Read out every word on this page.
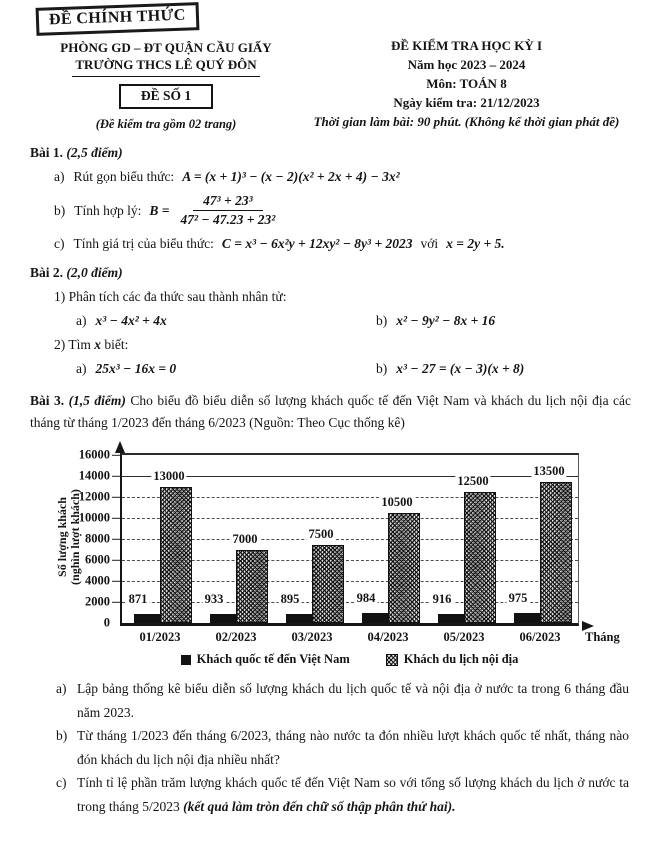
ĐỀ CHÍNH THỨC
PHÒNG GD – ĐT QUẬN CẦU GIẤY
TRƯỜNG THCS LÊ QUÝ ĐÔN
ĐỀ SỐ 1
(Đề kiểm tra gồm 02 trang)
ĐỀ KIỂM TRA HỌC KỲ I
Năm học 2023 – 2024
Môn: TOÁN 8
Ngày kiểm tra: 21/12/2023
Thời gian làm bài: 90 phút. (Không kể thời gian phát đề)
Bài 1. (2,5 điểm)
a) Rút gọn biểu thức: A = (x + 1)³ − (x − 2)(x² + 2x + 4) − 3x²
b) Tính hợp lý: $B = \frac{\text{47³ + 23³}}{\text{47² − 47.23 + 23²}}$
c) Tính giá trị của biểu thức: C = x³ − 6x²y + 12xy² − 8y³ + 2023 với x = 2y + 5.
Bài 2. (2,0 điểm)
1) Phân tích các đa thức sau thành nhân tử:
a) x³ − 4x² + 4x	b) x² − 9y² − 8x + 16
2) Tìm x biết:
a) 25x³ − 16x = 0	b) x³ − 27 = (x − 3)(x + 8)
Bài 3. (1,5 điểm) Cho biểu đồ biểu diễn số lượng khách quốc tế đến Việt Nam và khách du lịch nội địa các tháng từ tháng 1/2023 đến tháng 6/2023 (Nguồn: Theo Cục thống kê)
Số lượng khách (nghìn lượt khách)
0
2000
4000
6000
8000
10000
12000
14000
16000
871
13000
933
7000
895
7500
984
10500
916
12500
975
13500
01/2023	02/2023	03/2023	04/2023	05/2023	06/2023 Tháng
Khách quốc tế đến Việt Nam	Khách du lịch nội địa
a) Lập bảng thống kê biểu diễn số lượng khách du lịch quốc tế và nội địa ở nước ta trong 6 tháng đầu năm 2023.
b) Từ tháng 1/2023 đến tháng 6/2023, tháng nào nước ta đón nhiều lượt khách quốc tế nhất, tháng nào đón khách du lịch nội địa nhiều nhất?
c) Tính tỉ lệ phần trăm lượng khách quốc tế đến Việt Nam so với tổng số lượng khách du lịch ở nước ta trong tháng 5/2023 (kết quả làm tròn đến chữ số thập phân thứ hai).
